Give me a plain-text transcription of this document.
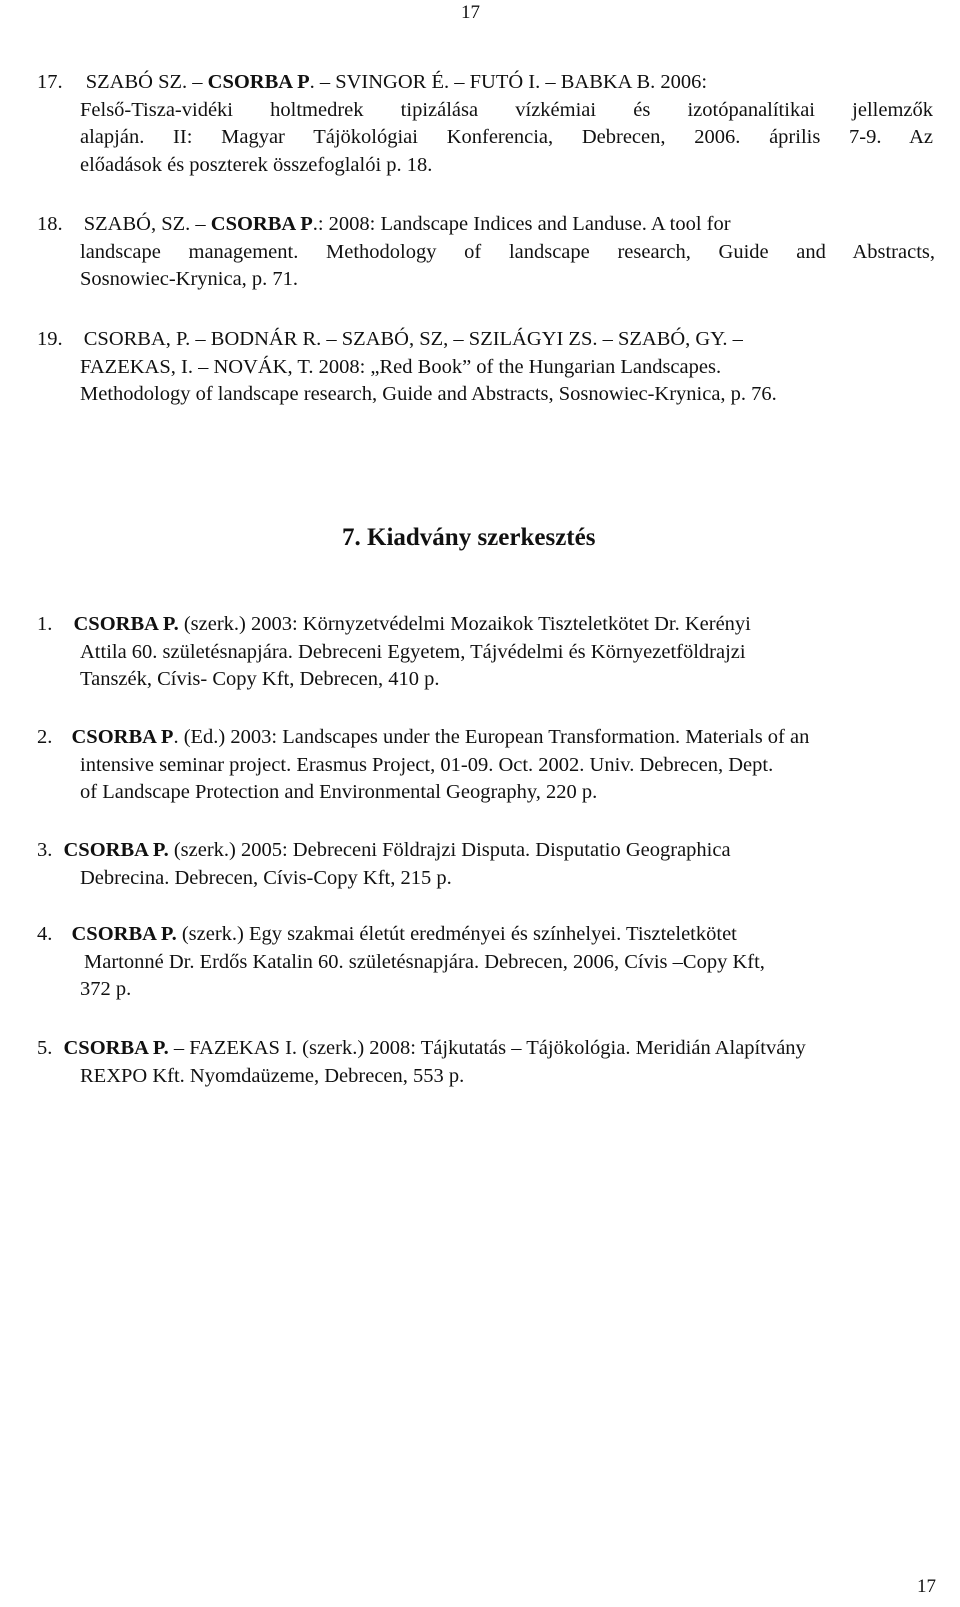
17
17. SZABÓ SZ. – CSORBA P. – SVINGOR É. – FUTÓ I. – BABKA B. 2006:
Felső-Tisza-vidéki holtmedrek tipizálása vízkémiai és izotópanalítikai jellemzők
alapján. II: Magyar Tájökológiai Konferencia, Debrecen, 2006. április 7-9. Az
előadások és poszterek összefoglalói p. 18.
18. SZABÓ, SZ. – CSORBA P.: 2008: Landscape Indices and Landuse. A tool for
landscape management. Methodology of landscape research, Guide and Abstracts,
Sosnowiec-Krynica, p. 71.
19. CSORBA, P. – BODNÁR R. – SZABÓ, SZ, – SZILÁGYI ZS. – SZABÓ, GY. –
FAZEKAS, I. – NOVÁK, T. 2008: „Red Book” of the Hungarian Landscapes.
Methodology of landscape research, Guide and Abstracts, Sosnowiec-Krynica, p. 76.
7. Kiadvány szerkesztés
1. CSORBA P. (szerk.) 2003: Környzetvédelmi Mozaikok Tiszteletkötet Dr. Kerényi
Attila 60. születésnapjára. Debreceni Egyetem, Tájvédelmi és Környezetföldrajzi
Tanszék, Cívis- Copy Kft, Debrecen, 410 p.
2. CSORBA P. (Ed.) 2003: Landscapes under the European Transformation. Materials of an
intensive seminar project. Erasmus Project, 01-09. Oct. 2002. Univ. Debrecen, Dept.
of Landscape Protection and Environmental Geography, 220 p.
3. CSORBA P. (szerk.) 2005: Debreceni Földrajzi Disputa. Disputatio Geographica
Debrecina. Debrecen, Cívis-Copy Kft, 215 p.
4. CSORBA P. (szerk.) Egy szakmai életút eredményei és színhelyei. Tiszteletkötet
Martonné Dr. Erdős Katalin 60. születésnapjára. Debrecen, 2006, Cívis –Copy Kft,
372 p.
5. CSORBA P. – FAZEKAS I. (szerk.) 2008: Tájkutatás – Tájökológia. Meridián Alapítvány
REXPO Kft. Nyomdaüzeme, Debrecen, 553 p.
17
